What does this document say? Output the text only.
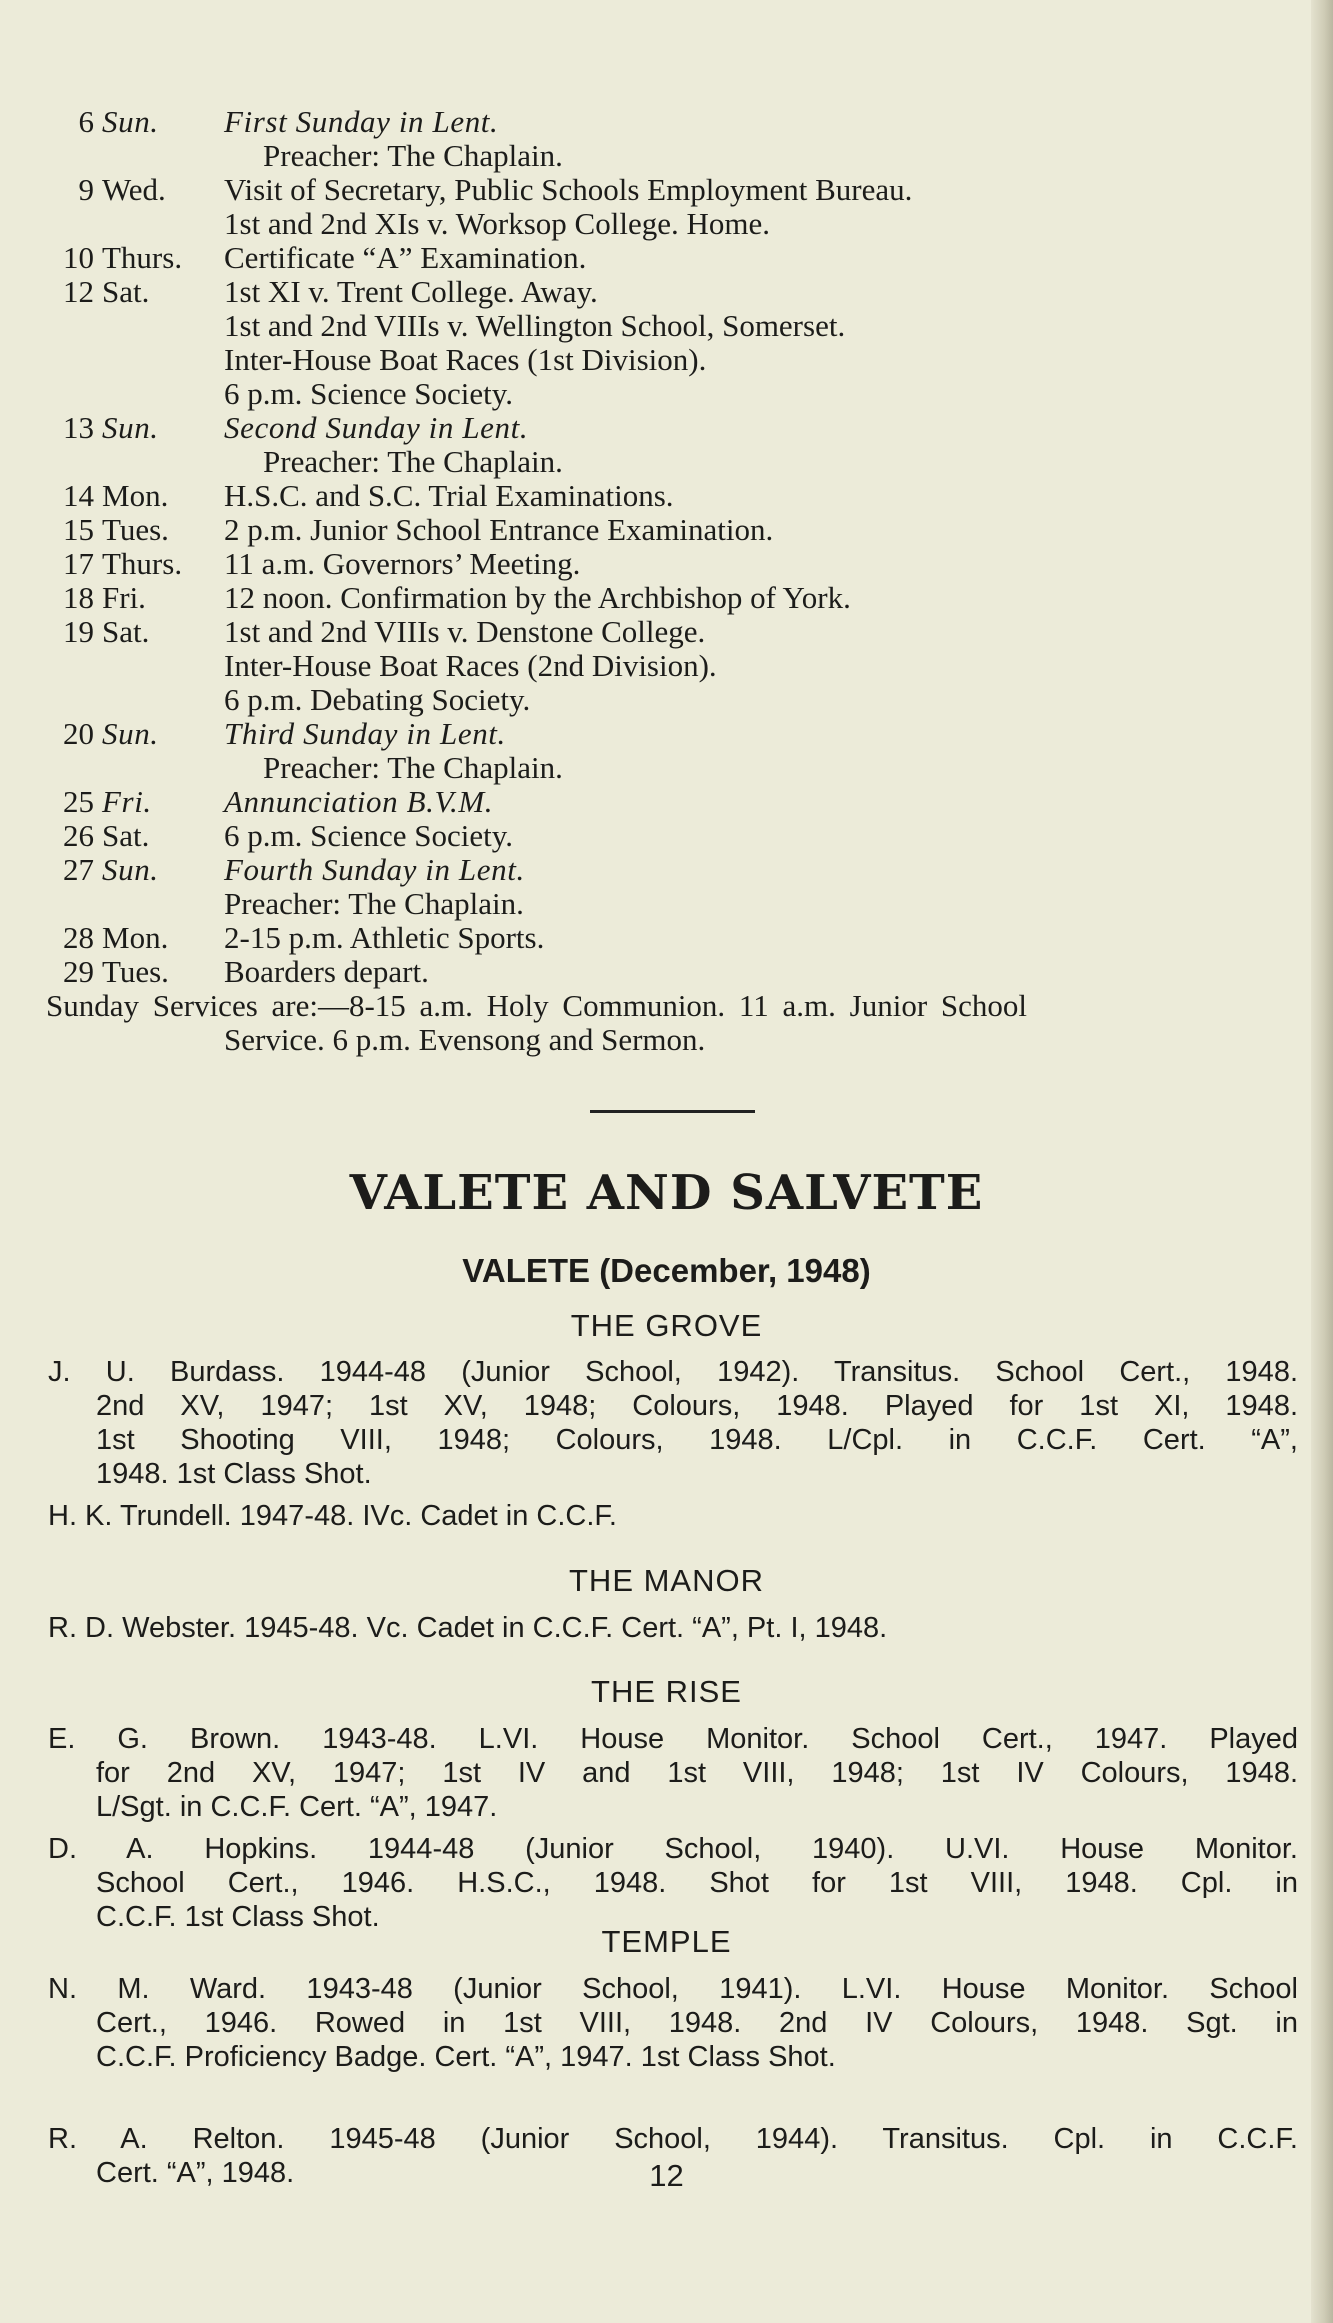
6 Sun. First Sunday in Lent.
Preacher: The Chaplain.
9 Wed. Visit of Secretary, Public Schools Employment Bureau.
1st and 2nd XIs v. Worksop College. Home.
10 Thurs. Certificate “A” Examination.
12 Sat. 1st XI v. Trent College. Away.
1st and 2nd VIIIs v. Wellington School, Somerset.
Inter-House Boat Races (1st Division).
6 p.m. Science Society.
13 Sun. Second Sunday in Lent.
Preacher: The Chaplain.
14 Mon. H.S.C. and S.C. Trial Examinations.
15 Tues. 2 p.m. Junior School Entrance Examination.
17 Thurs. 11 a.m. Governors’ Meeting.
18 Fri.	12 noon. Confirmation by the Archbishop of York.
19 Sat. 1st and 2nd VIIIs v. Denstone College.
Inter-House Boat Races (2nd Division).
6 p.m. Debating Society.
20 Sun. Third Sunday in Lent.
Preacher: The Chaplain.
25 Fri. Annunciation B.V.M.
26 Sat. 6 p.m. Science Society.
27 Sun. Fourth Sunday in Lent.
Preacher: The Chaplain.
28 Mon. 2-15 p.m. Athletic Sports.
29 Tues. Boarders depart.
Sunday Services are:—8-15 a.m. Holy Communion. 11 a.m. Junior School
Service. 6 p.m. Evensong and Sermon.
VALETE AND SALVETE
VALETE (December, 1948)
THE GROVE
J. U. Burdass. 1944-48 (Junior School, 1942). Transitus. School Cert., 1948.
2nd XV, 1947; 1st XV, 1948; Colours, 1948. Played for 1st XI, 1948.
1st Shooting VIII, 1948; Colours, 1948. L/Cpl. in C.C.F. Cert. “A”,
1948. 1st Class Shot.
H. K. Trundell. 1947-48. IVc. Cadet in C.C.F.
THE MANOR
R. D. Webster. 1945-48. Vc. Cadet in C.C.F. Cert. “A”, Pt. I, 1948.
THE RISE
E. G. Brown. 1943-48. L.VI. House Monitor. School Cert., 1947. Played
for 2nd XV, 1947; 1st IV and 1st VIII, 1948; 1st IV Colours, 1948.
L/Sgt. in C.C.F. Cert. “A”, 1947.
D. A. Hopkins. 1944-48 (Junior School, 1940). U.VI. House Monitor.
School Cert., 1946. H.S.C., 1948. Shot for 1st VIII, 1948. Cpl. in
C.C.F. 1st Class Shot.
TEMPLE
N. M. Ward. 1943-48 (Junior School, 1941). L.VI. House Monitor. School
Cert., 1946. Rowed in 1st VIII, 1948. 2nd IV Colours, 1948. Sgt. in
C.C.F. Proficiency Badge. Cert. “A”, 1947. 1st Class Shot.
R. A. Relton. 1945-48 (Junior School, 1944). Transitus. Cpl. in C.C.F.
Cert. “A”, 1948.	12
